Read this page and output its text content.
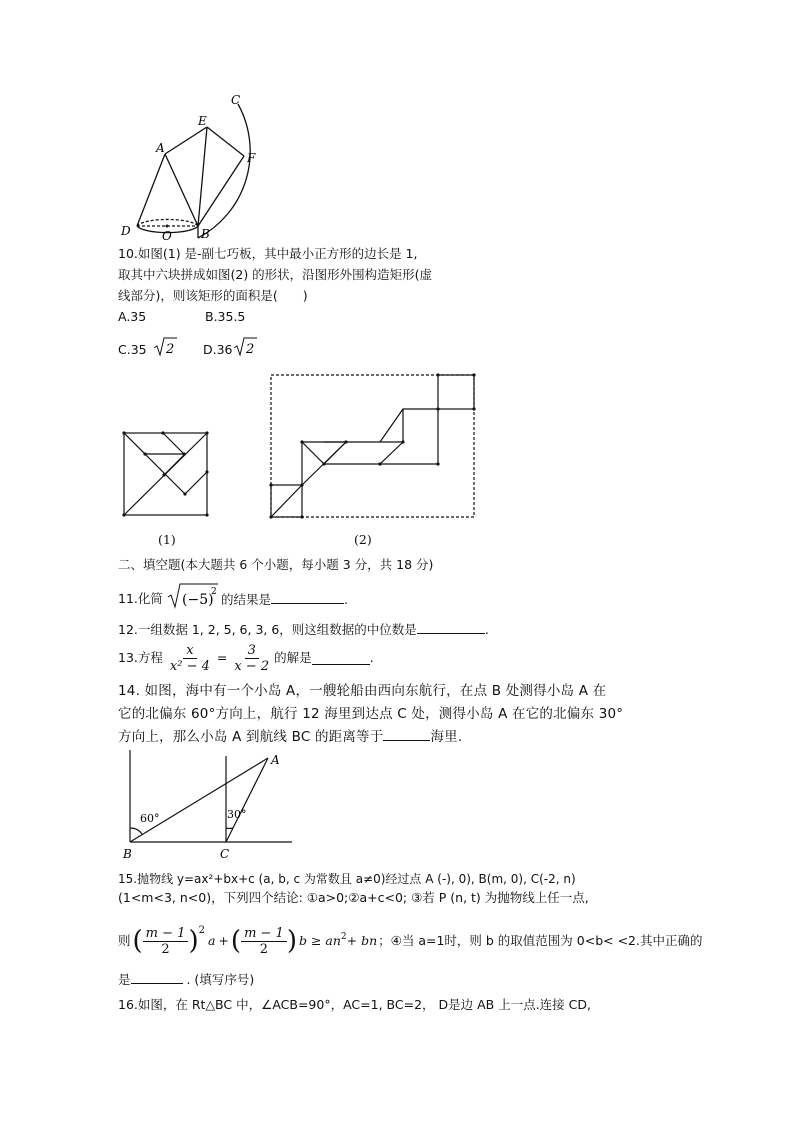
C
E
A
F
D	O B
10.如图(1) 是-副七巧板，其中最小正方形的边长是 1,
取其中六块拼成如图(2) 的形状，沿图形外围构造矩形(虚
线部分)，则该矩形的面积是(　　)
A.35	B.35.5
C.35 2 D.36 2
(1)	(2)
二、填空题(本大题共 6 个小题，每小题 3 分，共 18 分)
11.化简 (−5)
2 的结果是	.
12.一组数据 1, 2, 5, 6, 3, 6，则这组数据的中位数是	.
13.方程 $\frac{x}{\text{x² − 4}} = \frac{3}{x - 2}$ 的解是	.
14. 如图，海中有一个小岛 A，一艘轮船由西向东航行，在点 B 处测得小岛 A 在
它的北偏东 60°方向上，航行 12 海里到达点 C 处，测得小岛 A 在它的北偏东 30°
方向上，那么小岛 A 到航线 BC 的距离等于	海里.
A
B	C
60°	30°
15.抛物线 y=ax²+bx+c (a, b, c 为常数且 a≠0)经过点 A (-), 0), B(m, 0), C(-2, n)
(1<m<3, n<0)，下列四个结论: ①a>0;②a+c<0; ③若 P (n, t) 为抛物线上任一点,
则 ( $\frac{m - 1}{2} )^2$
a + ( $\frac{m - 1}{2}$ ) $b \ge an^2$ + bn ；④当 a=1时，则 b 的取值范围为 0<b< <2.其中正确的
是	. (填写序号)
16.如图，在 Rt△BC 中，∠ACB=90°，AC=1, BC=2， D是边 AB 上一点.连接 CD,
